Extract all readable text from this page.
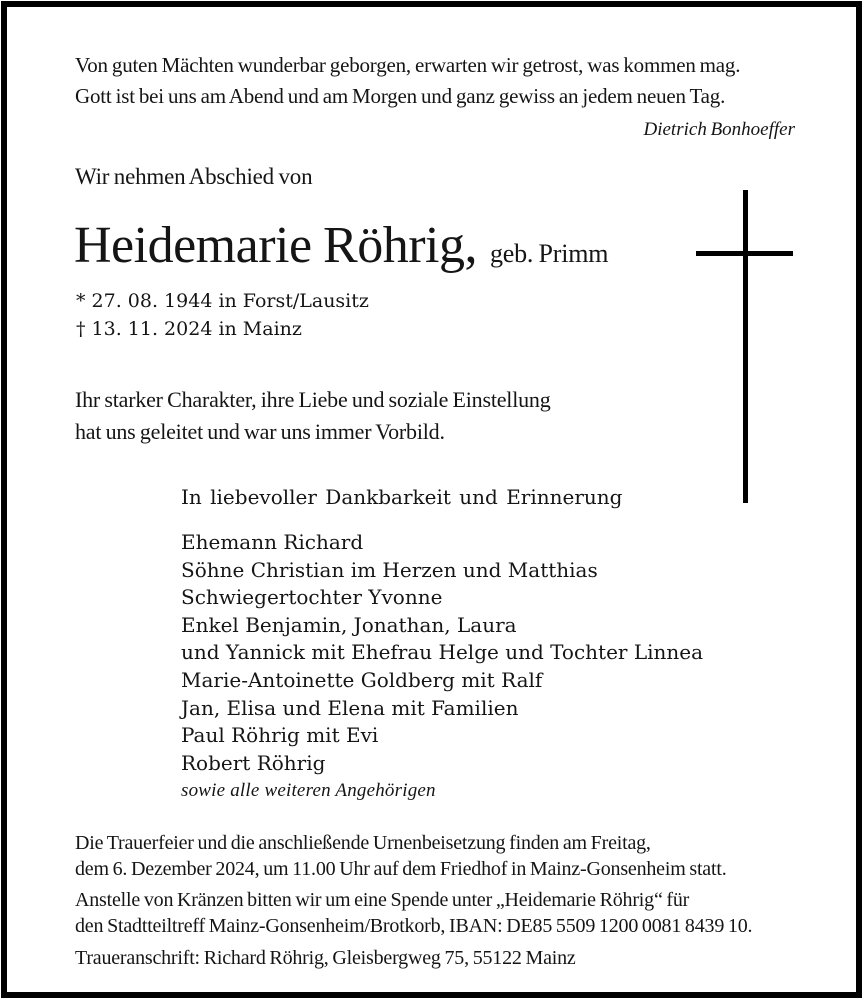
Von guten Mächten wunderbar geborgen, erwarten wir getrost, was kommen mag.
Gott ist bei uns am Abend und am Morgen und ganz gewiss an jedem neuen Tag.
Dietrich Bonhoeffer
Wir nehmen Abschied von
Heidemarie Röhrig, geb. Primm
* 27. 08. 1944 in Forst/Lausitz
† 13. 11. 2024 in Mainz
Ihr starker Charakter, ihre Liebe und soziale Einstellung
hat uns geleitet und war uns immer Vorbild.
In liebevoller Dankbarkeit und Erinnerung
Ehemann Richard
Söhne Christian im Herzen und Matthias
Schwiegertochter Yvonne
Enkel Benjamin, Jonathan, Laura
und Yannick mit Ehefrau Helge und Tochter Linnea
Marie-Antoinette Goldberg mit Ralf
Jan, Elisa und Elena mit Familien
Paul Röhrig mit Evi
Robert Röhrig
sowie alle weiteren Angehörigen
Die Trauerfeier und die anschließende Urnenbeisetzung finden am Freitag,
dem 6. Dezember 2024, um 11.00 Uhr auf dem Friedhof in Mainz-Gonsenheim statt.
Anstelle von Kränzen bitten wir um eine Spende unter „Heidemarie Röhrig“ für
den Stadtteiltreff Mainz-Gonsenheim/Brotkorb, IBAN: DE85 5509 1200 0081 8439 10.
Traueranschrift: Richard Röhrig, Gleisbergweg 75, 55122 Mainz
